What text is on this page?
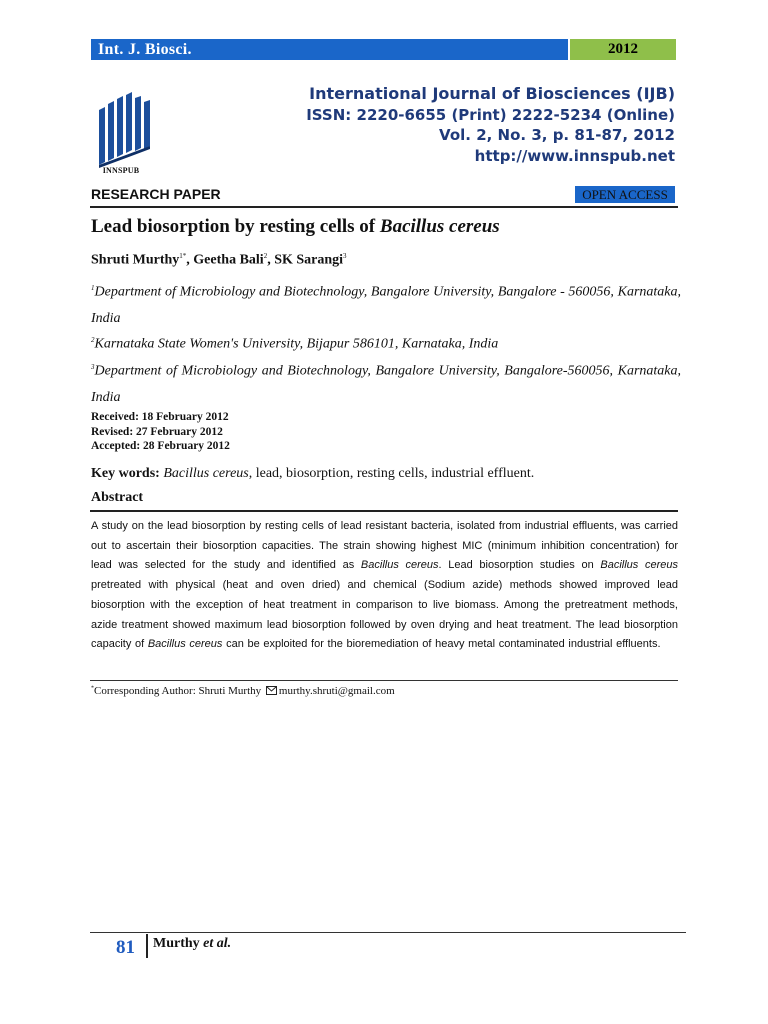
Int. J. Biosci.	2012
INNSPUB
International Journal of Biosciences (IJB)
ISSN: 2220-6655 (Print) 2222-5234 (Online)
Vol. 2, No. 3, p. 81-87, 2012
http://www.innspub.net
RESEARCH PAPER	OPEN ACCESS
Lead biosorption by resting cells of Bacillus cereus
Shruti Murthy$^{1*}$, Geetha Bali$^2$, SK Sarangi$^3$
$^1$Department of Microbiology and Biotechnology, Bangalore University, Bangalore - 560056, Karnataka, India
$^2$Karnataka State Women's University, Bijapur 586101, Karnataka, India
$^3$Department of Microbiology and Biotechnology, Bangalore University, Bangalore-560056, Karnataka, India
Received: 18 February 2012
Revised: 27 February 2012
Accepted: 28 February 2012
Key words: Bacillus cereus, lead, biosorption, resting cells, industrial effluent.
Abstract
A study on the lead biosorption by resting cells of lead resistant bacteria, isolated from industrial effluents, was carried out to ascertain their biosorption capacities. The strain showing highest MIC (minimum inhibition concentration) for lead was selected for the study and identified as Bacillus cereus. Lead biosorption studies on Bacillus cereus pretreated with physical (heat and oven dried) and chemical (Sodium azide) methods showed improved lead biosorption with the exception of heat treatment in comparison to live biomass. Among the pretreatment methods, azide treatment showed maximum lead biosorption followed by oven drying and heat treatment. The lead biosorption capacity of Bacillus cereus can be exploited for the bioremediation of heavy metal contaminated industrial effluents.
*Corresponding Author: Shruti Murthy murthy.shruti@gmail.com
81	Murthy et al.
